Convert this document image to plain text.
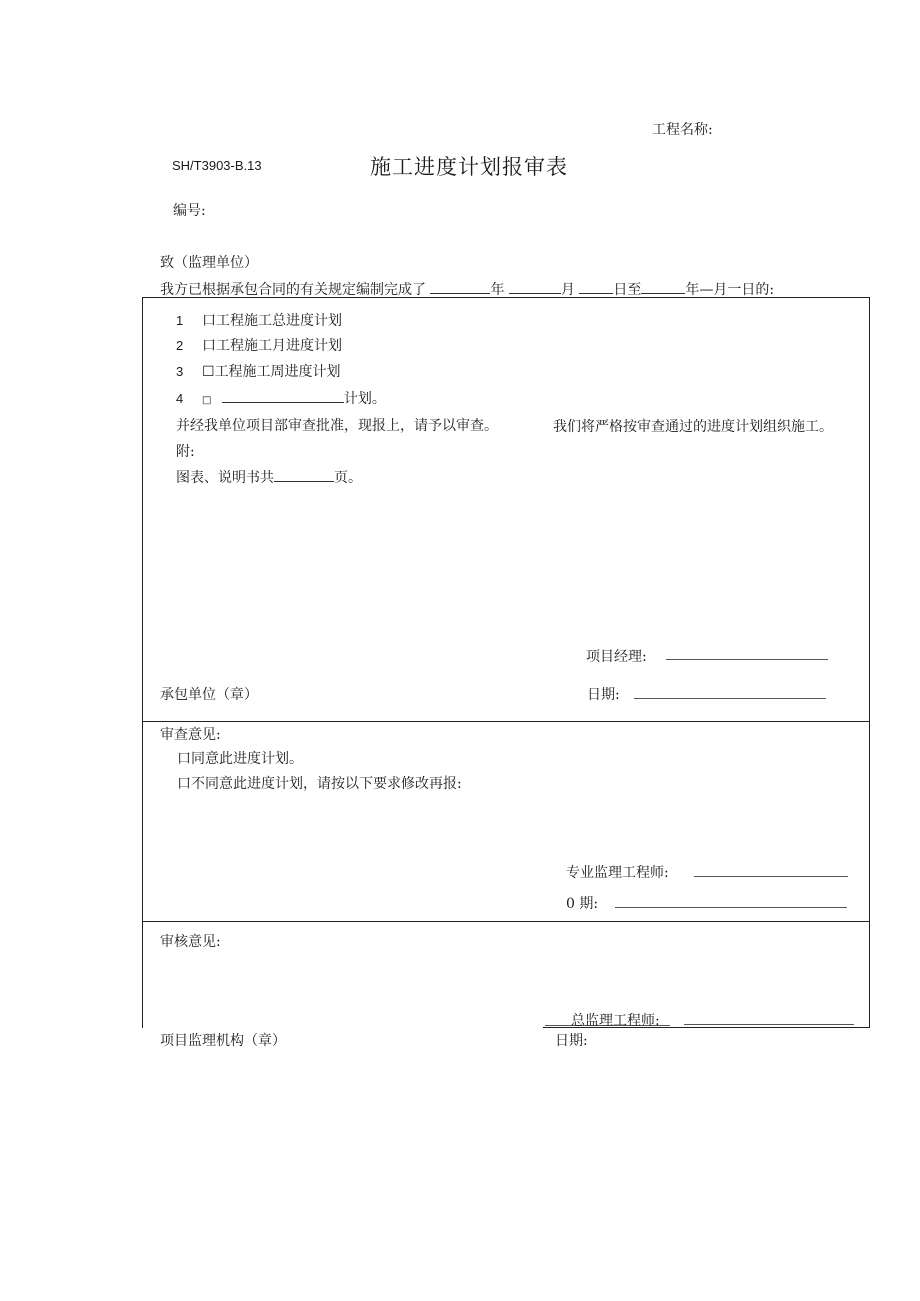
工程名称:
SH/T3903-B.13	施工进度计划报审表
编号:
致（监理单位）
我方已根据承包合同的有关规定编制完成了	年	月	日至	年—月一日的:
1 口工程施工总进度计划
2 口工程施工月进度计划
3 ☐工程施工周进度计划
4 □	计划。
并经我单位项目部审查批准，现报上，请予以审查。	我们将严格按审查通过的进度计划组织施工。
附:
图表、说明书共	页。
项目经理:
承包单位（章）	日期:
审查意见:
口同意此进度计划。
口不同意此进度计划，请按以下要求修改再报:
专业监理工程师:
0 期:
审核意见:
总监理工程师:
项目监理机构（章）	日期:
